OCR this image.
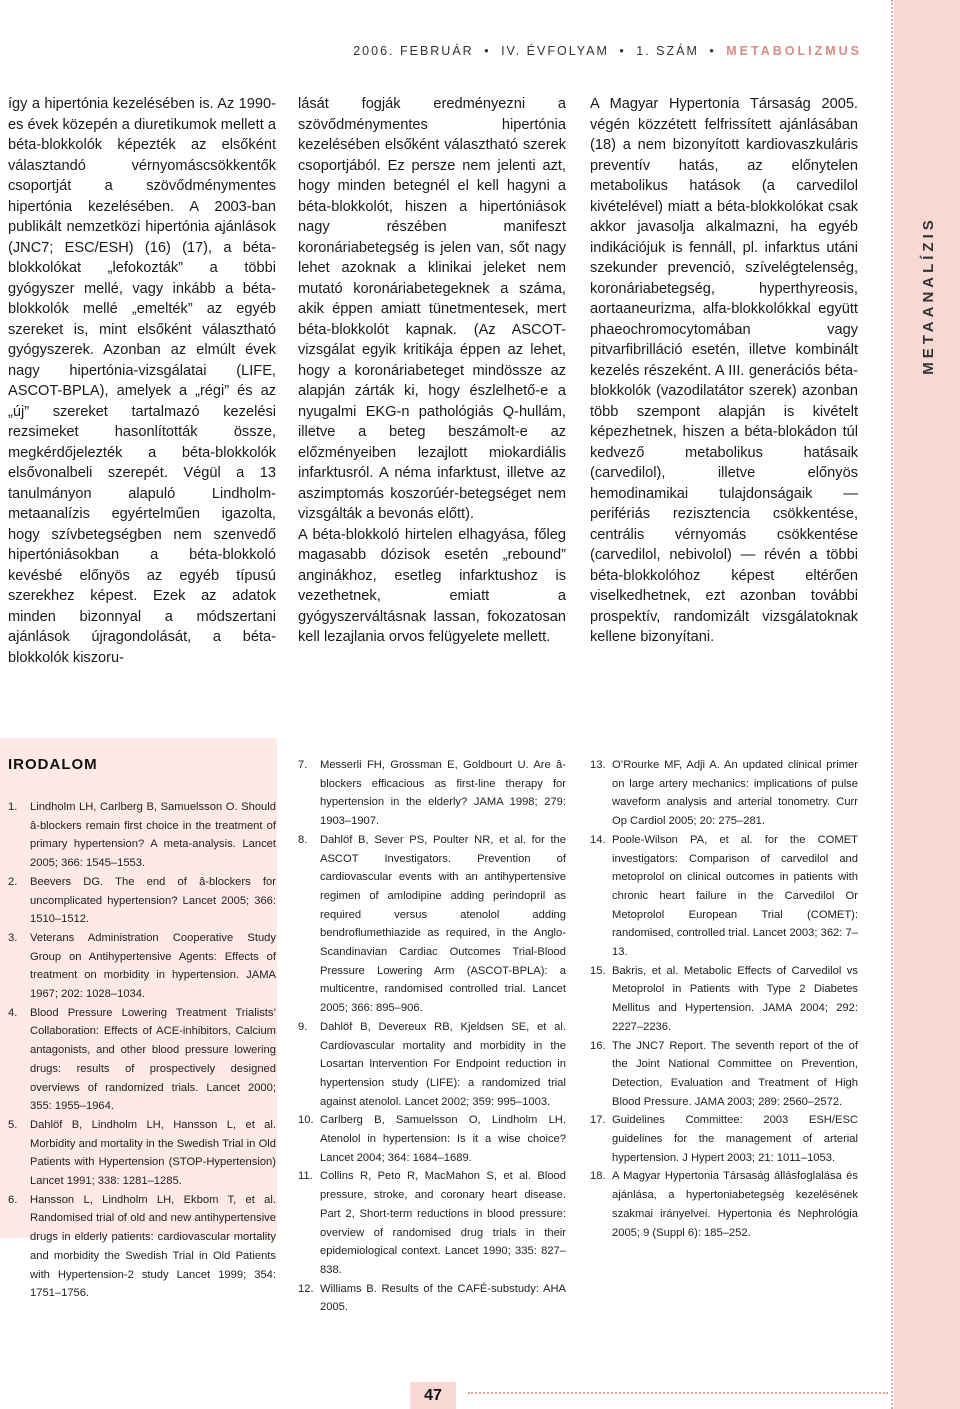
METAANALÍZIS
2006. FEBRUÁR • IV. ÉVFOLYAM • 1. SZÁM • METABOLIZMUS

így a hipertónia kezelésében is. Az 1990-es évek közepén a diuretikumok mellett a béta-blokkolók képezték az elsőként választandó vérnyomáscsökkentők csoportját a szövődménymentes hipertónia kezelésében. A 2003-ban publikált nemzetközi hipertónia ajánlások (JNC7; ESC/ESH) (16) (17), a béta-blokkolókat „lefokozták” a többi gyógyszer mellé, vagy inkább a béta-blokkolók mellé „emelték” az egyéb szereket is, mint elsőként választható gyógyszerek. Azonban az elmúlt évek nagy hipertónia-vizsgálatai (LIFE, ASCOT-BPLA), amelyek a „régi” és az „új” szereket tartalmazó kezelési rezsimeket hasonlították össze, megkérdőjelezték a béta-blokkolók elsővonalbeli szerepét. Végül a 13 tanulmányon alapuló Lindholm-metaanalízis egyértelműen igazolta, hogy szívbetegségben nem szenvedő hipertóniásokban a béta-blokkoló kevésbé előnyös az egyéb típusú szerekhez képest. Ezek az adatok minden bizonnyal a módszertani ajánlások újragondolását, a béta-blokkolók kiszoru-

lását fogják eredményezni a szövődménymentes hipertónia kezelésében elsőként választható szerek csoportjából. Ez persze nem jelenti azt, hogy minden betegnél el kell hagyni a béta-blokkolót, hiszen a hipertóniások nagy részében manifeszt koronáriabetegség is jelen van, sőt nagy lehet azoknak a klinikai jeleket nem mutató koronáriabetegeknek a száma, akik éppen amiatt tünetmentesek, mert béta-blokkolót kapnak. (Az ASCOT-vizsgálat egyik kritikája éppen az lehet, hogy a koronáriabeteget mindössze az alapján zárták ki, hogy észlelhető-e a nyugalmi EKG-n pathológiás Q-hullám, illetve a beteg beszámolt-e az előzményeiben lezajlott miokardiális infarktusról. A néma infarktust, illetve az aszimptomás koszorúér-betegséget nem vizsgálták a bevonás előtt).

A béta-blokkoló hirtelen elhagyása, főleg magasabb dózisok esetén „rebound” anginákhoz, esetleg infarktushoz is vezethetnek, emiatt a gyógyszerváltásnak lassan, fokozatosan kell lezajlania orvos felügyelete mellett.

A Magyar Hypertonia Társaság 2005. végén közzétett felfrissített ajánlásában (18) a nem bizonyított kardiovaszkuláris preventív hatás, az előnytelen metabolikus hatások (a carvedilol kivételével) miatt a béta-blokkolókat csak akkor javasolja alkalmazni, ha egyéb indikációjuk is fennáll, pl. infarktus utáni szekunder prevenció, szívelégtelenség, koronáriabetegség, hyperthyreosis, aortaaneurizma, alfa-blokkolókkal együtt phaeochromocytomában vagy pitvarfibrilláció esetén, illetve kombinált kezelés részeként. A III. generációs béta-blokkolók (vazodilatátor szerek) azonban több szempont alapján is kivételt képezhetnek, hiszen a béta-blokádon túl kedvező metabolikus hatásaik (carvedilol), illetve előnyös hemodinamikai tulajdonságaik — perifériás rezisztencia csökkentése, centrális vérnyomás csökkentése (carvedilol, nebivolol) — révén a többi béta-blokkolóhoz képest eltérően viselkedhetnek, ezt azonban további prospektív, randomizált vizsgálatoknak kellene bizonyítani.

IRODALOM
1.	Lindholm LH, Carlberg B, Samuelsson O. Should â-blockers remain first choice in the treatment of primary hypertension? A meta-analysis. Lancet 2005; 366: 1545–1553.
2.	Beevers DG. The end of â-blockers for uncomplicated hypertension? Lancet 2005; 366: 1510–1512.
3.	Veterans Administration Cooperative Study Group on Antihypertensive Agents: Effects of treatment on morbidity in hypertension. JAMA 1967; 202: 1028–1034.
4.	Blood Pressure Lowering Treatment Trialists’ Collaboration: Effects of ACE-inhibitors, Calcium antagonists, and other blood pressure lowering drugs: results of prospectively designed overviews of randomized trials. Lancet 2000; 355: 1955–1964.
5.	Dahlöf B, Lindholm LH, Hansson L, et al. Morbidity and mortality in the Swedish Trial in Old Patients with Hypertension (STOP-Hypertension) Lancet 1991; 338: 1281–1285.
6.	Hansson L, Lindholm LH, Ekbom T, et al. Randomised trial of old and new antihypertensive drugs in elderly patients: cardiovascular mortality and morbidity the Swedish Trial in Old Patients with Hypertension-2 study Lancet 1999; 354: 1751–1756.
7.	Messerli FH, Grossman E, Goldbourt U. Are â-blockers efficacious as first-line therapy for hypertension in the elderly? JAMA 1998; 279: 1903–1907.
8.	Dahlöf B, Sever PS, Poulter NR, et al. for the ASCOT Investigators. Prevention of cardiovascular events with an antihypertensive regimen of amlodipine adding perindopril as required versus atenolol adding bendroflumethiazide as required, in the Anglo-Scandinavian Cardiac Outcomes Trial-Blood Pressure Lowering Arm (ASCOT-BPLA): a multicentre, randomised controlled trial. Lancet 2005; 366: 895–906.
9.	Dahlöf B, Devereux RB, Kjeldsen SE, et al. Cardiovascular mortality and morbidity in the Losartan Intervention For Endpoint reduction in hypertension study (LIFE): a randomized trial against atenolol. Lancet 2002; 359: 995–1003.
10. Carlberg B, Samuelsson O, Lindholm LH. Atenolol in hypertension: Is it a wise choice? Lancet 2004; 364: 1684–1689.
11. Collins R, Peto R, MacMahon S, et al. Blood pressure, stroke, and coronary heart disease. Part 2, Short-term reductions in blood pressure: overview of randomised drug trials in their epidemiological context. Lancet 1990; 335: 827–838.
12. Williams B. Results of the CAFÉ-substudy: AHA 2005.
13. O’Rourke MF, Adji A. An updated clinical primer on large artery mechanics: implications of pulse waveform analysis and arterial tonometry. Curr Op Cardiol 2005; 20: 275–281.
14. Poole-Wilson PA, et al. for the COMET investigators: Comparison of carvedilol and metoprolol on clinical outcomes in patients with chronic heart failure in the Carvedilol Or Metoprolol European Trial (COMET): randomised, controlled trial. Lancet 2003; 362: 7–13.
15. Bakris, et al. Metabolic Effects of Carvedilol vs Metoprolol in Patients with Type 2 Diabetes Mellitus and Hypertension. JAMA 2004; 292: 2227–2236.
16. The JNC7 Report. The seventh report of the of the Joint National Committee on Prevention, Detection, Evaluation and Treatment of High Blood Pressure. JAMA 2003; 289: 2560–2572.
17. Guidelines Committee: 2003 ESH/ESC guidelines for the management of arterial hypertension. J Hypert 2003; 21: 1011–1053.
18. A Magyar Hypertonia Társaság állásfoglalása és ajánlása, a hypertoniabetegség kezelésének szakmai irányelvei. Hypertonia és Nephrológia 2005; 9 (Suppl 6): 185–252.
47
